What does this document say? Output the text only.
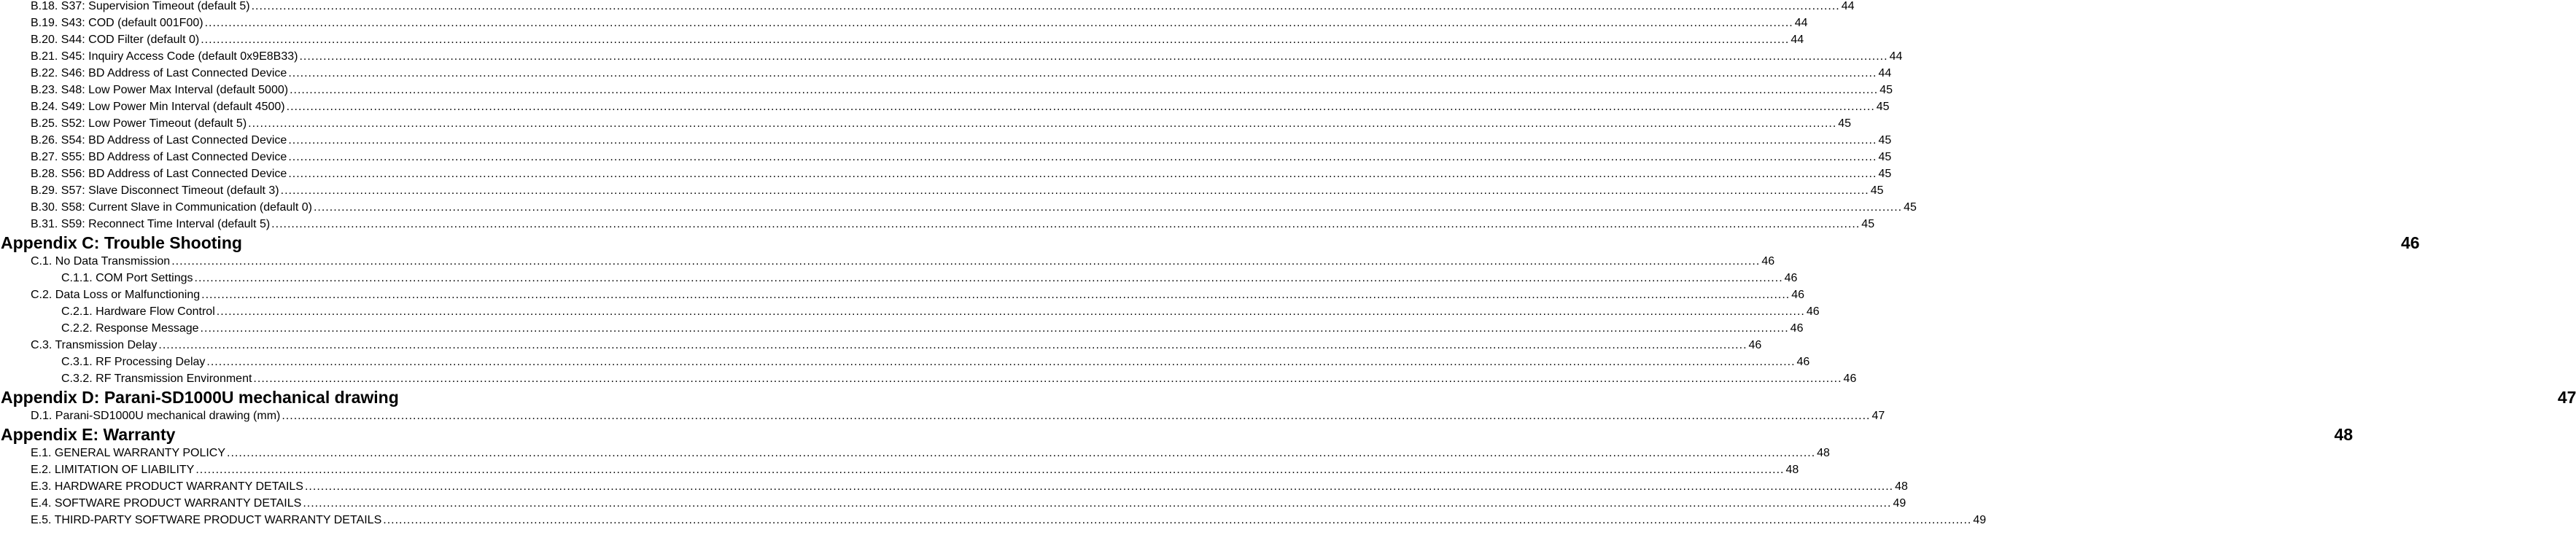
B.18. S37: Supervision Timeout (default 5) ................................................................................................................................................................................................................................................................................................................................................................................................................ 44
B.19. S43: COD (default 001F00) ................................................................................................................................................................................................................................................................................................................................................................................................................ 44
B.20. S44: COD Filter (default 0) ................................................................................................................................................................................................................................................................................................................................................................................................................ 44
B.21. S45: Inquiry Access Code (default 0x9E8B33) ................................................................................................................................................................................................................................................................................................................................................................................................................ 44
B.22. S46: BD Address of Last Connected Device ................................................................................................................................................................................................................................................................................................................................................................................................................ 44
B.23. S48: Low Power Max Interval (default 5000) ................................................................................................................................................................................................................................................................................................................................................................................................................ 45
B.24. S49: Low Power Min Interval (default 4500) ................................................................................................................................................................................................................................................................................................................................................................................................................ 45
B.25. S52: Low Power Timeout (default 5) ................................................................................................................................................................................................................................................................................................................................................................................................................ 45
B.26. S54: BD Address of Last Connected Device ................................................................................................................................................................................................................................................................................................................................................................................................................ 45
B.27. S55: BD Address of Last Connected Device ................................................................................................................................................................................................................................................................................................................................................................................................................ 45
B.28. S56: BD Address of Last Connected Device ................................................................................................................................................................................................................................................................................................................................................................................................................ 45
B.29. S57: Slave Disconnect Timeout (default 3) ................................................................................................................................................................................................................................................................................................................................................................................................................ 45
B.30. S58: Current Slave in Communication (default 0) ................................................................................................................................................................................................................................................................................................................................................................................................................ 45
B.31. S59: Reconnect Time Interval (default 5) ................................................................................................................................................................................................................................................................................................................................................................................................................ 45
Appendix C: Trouble Shooting	46
C.1. No Data Transmission ................................................................................................................................................................................................................................................................................................................................................................................................................ 46
C.1.1. COM Port Settings ................................................................................................................................................................................................................................................................................................................................................................................................................ 46
C.2. Data Loss or Malfunctioning ................................................................................................................................................................................................................................................................................................................................................................................................................ 46
C.2.1. Hardware Flow Control ................................................................................................................................................................................................................................................................................................................................................................................................................ 46
C.2.2. Response Message ................................................................................................................................................................................................................................................................................................................................................................................................................ 46
C.3. Transmission Delay ................................................................................................................................................................................................................................................................................................................................................................................................................ 46
C.3.1. RF Processing Delay ................................................................................................................................................................................................................................................................................................................................................................................................................ 46
C.3.2. RF Transmission Environment ................................................................................................................................................................................................................................................................................................................................................................................................................ 46
Appendix D: Parani-SD1000U mechanical drawing	47
D.1. Parani-SD1000U mechanical drawing (mm) ................................................................................................................................................................................................................................................................................................................................................................................................................ 47
Appendix E: Warranty	48
E.1. GENERAL WARRANTY POLICY ................................................................................................................................................................................................................................................................................................................................................................................................................ 48
E.2. LIMITATION OF LIABILITY ................................................................................................................................................................................................................................................................................................................................................................................................................ 48
E.3. HARDWARE PRODUCT WARRANTY DETAILS ................................................................................................................................................................................................................................................................................................................................................................................................................ 48
E.4. SOFTWARE PRODUCT WARRANTY DETAILS ................................................................................................................................................................................................................................................................................................................................................................................................................ 49
E.5. THIRD-PARTY SOFTWARE PRODUCT WARRANTY DETAILS ................................................................................................................................................................................................................................................................................................................................................................................................................ 49
